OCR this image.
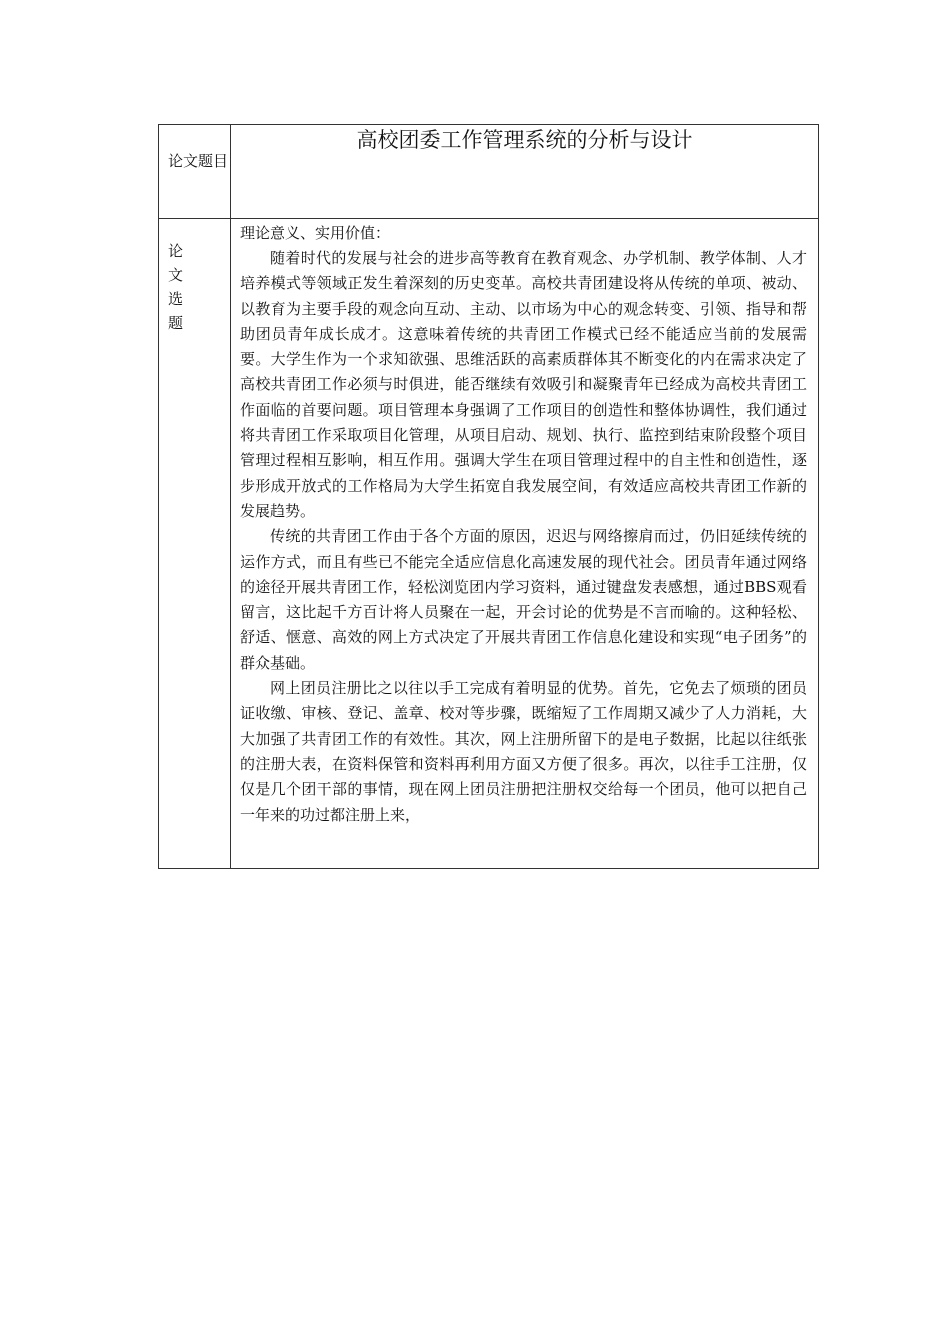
论文题目	高校团委工作管理系统的分析与设计

论文选题	理论意义、实用价值：

随着时代的发展与社会的进步高等教育在教育观念、办学机制、教学体制、人才培养模式等领域正发生着深刻的历史变革。高校共青团建设将从传统的单项、被动、以教育为主要手段的观念向互动、主动、以市场为中心的观念转变、引领、指导和帮助团员青年成长成才。这意味着传统的共青团工作模式已经不能适应当前的发展需要。大学生作为一个求知欲强、思维活跃的高素质群体其不断变化的内在需求决定了高校共青团工作必须与时俱进，能否继续有效吸引和凝聚青年已经成为高校共青团工作面临的首要问题。项目管理本身强调了工作项目的创造性和整体协调性，我们通过将共青团工作采取项目化管理，从项目启动、规划、执行、监控到结束阶段整个项目管理过程相互影响，相互作用。强调大学生在项目管理过程中的自主性和创造性，逐步形成开放式的工作格局为大学生拓宽自我发展空间，有效适应高校共青团工作新的发展趋势。

传统的共青团工作由于各个方面的原因，迟迟与网络擦肩而过，仍旧延续传统的运作方式，而且有些已不能完全适应信息化高速发展的现代社会。团员青年通过网络的途径开展共青团工作，轻松浏览团内学习资料，通过键盘发表感想，通过BBS观看留言，这比起千方百计将人员聚在一起，开会讨论的优势是不言而喻的。这种轻松、舒适、惬意、高效的网上方式决定了开展共青团工作信息化建设和实现“电子团务”的群众基础。

网上团员注册比之以往以手工完成有着明显的优势。首先，它免去了烦琐的团员证收缴、审核、登记、盖章、校对等步骤，既缩短了工作周期又减少了人力消耗，大大加强了共青团工作的有效性。其次，网上注册所留下的是电子数据，比起以往纸张的注册大表，在资料保管和资料再利用方面又方便了很多。再次，以往手工注册，仅仅是几个团干部的事情，现在网上团员注册把注册权交给每一个团员，他可以把自己一年来的功过都注册上来，
